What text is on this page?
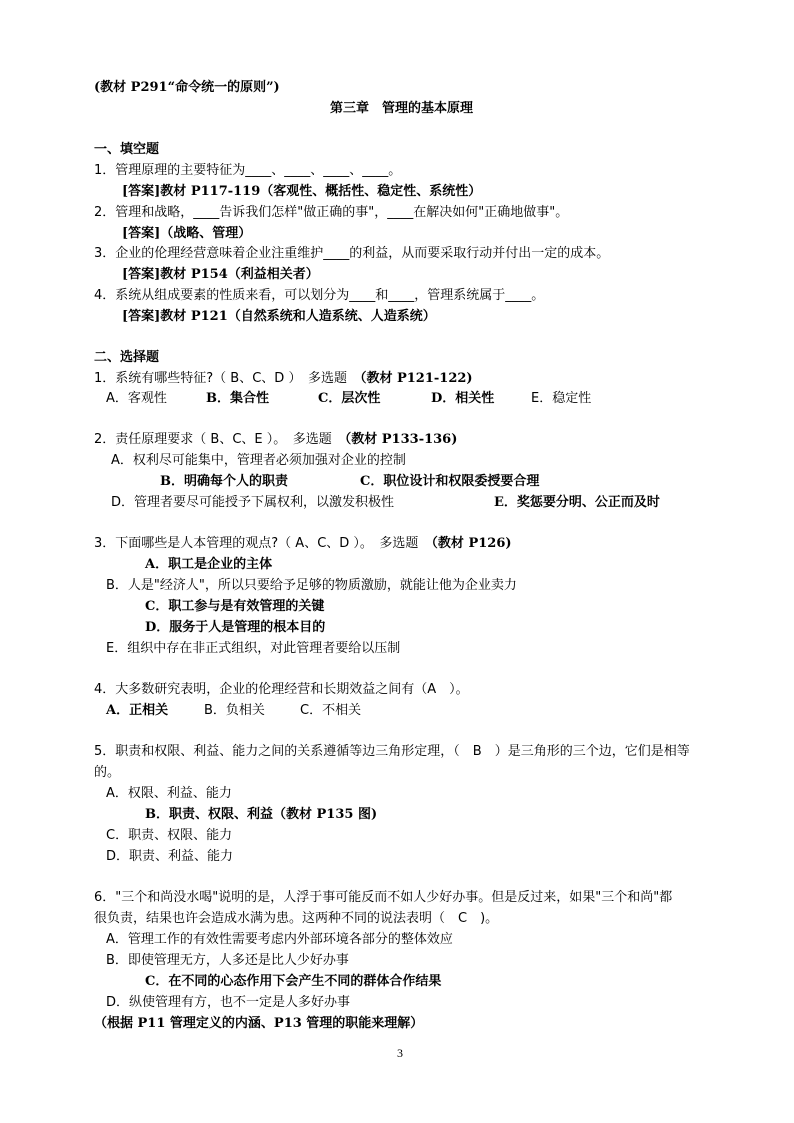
(教材 P291“命令统一的原则”)
第三章　管理的基本原理
一、填空题
1．管理原理的主要特征为____、____、____、____。
[答案]教材 P117-119（客观性、概括性、稳定性、系统性）
2．管理和战略，____告诉我们怎样"做正确的事"，____在解决如何"正确地做事"。
[答案]（战略、管理）
3．企业的伦理经营意味着企业注重维护____的利益，从而要采取行动并付出一定的成本。
[答案]教材 P154（利益相关者）
4．系统从组成要素的性质来看，可以划分为____和____，管理系统属于____。
[答案]教材 P121（自然系统和人造系统、人造系统）
二、选择题
1．系统有哪些特征?（ B、C、D ）　多选题　（教材 P121-122)
A．客观性	B．集合性	C．层次性	D．相关性	E．稳定性
2．责任原理要求（ B、C、E ）。　多选题　（教材 P133-136)
A．权利尽可能集中，管理者必须加强对企业的控制
B．明确每个人的职责	C．职位设计和权限委授要合理
D．管理者要尽可能授予下属权利，以激发积极性	E．奖惩要分明、公正而及时
3．下面哪些是人本管理的观点?（ A、C、D ）。　多选题　（教材 P126)
A．职工是企业的主体
B．人是"经济人"，所以只要给予足够的物质激励，就能让他为企业卖力
C．职工参与是有效管理的关键
D．服务于人是管理的根本目的
E．组织中存在非正式组织，对此管理者要给以压制
4．大多数研究表明，企业的伦理经营和长期效益之间有（A　）。
A．正相关	B．负相关	C．不相关
5．职责和权限、利益、能力之间的关系遵循等边三角形定理，（　B　）是三角形的三个边，它们是相等
的。
A．权限、利益、能力
B．职责、权限、利益（教材 P135 图)
C．职责、权限、能力
D．职责、利益、能力
6．"三个和尚没水喝"说明的是，人浮于事可能反而不如人少好办事。但是反过来，如果"三个和尚"都
很负责，结果也许会造成水满为患。这两种不同的说法表明（　C　)。
A．管理工作的有效性需要考虑内外部环境各部分的整体效应
B．即使管理无方，人多还是比人少好办事
C．在不同的心态作用下会产生不同的群体合作结果
D．纵使管理有方，也不一定是人多好办事
（根据 P11 管理定义的内涵、P13 管理的职能来理解）
3
